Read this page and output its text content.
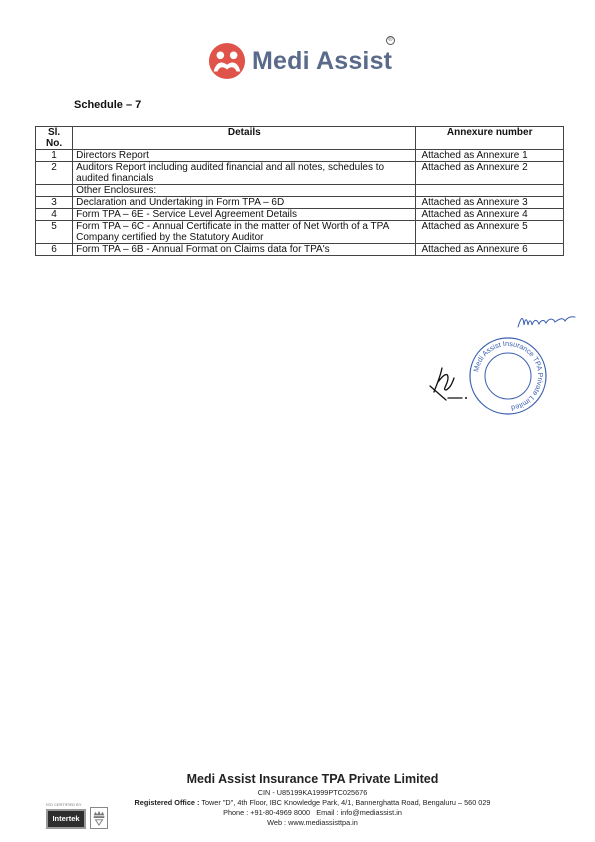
Medi Assist
®
Schedule – 7
Sl. No.	Details	Annexure number
1	Directors Report	Attached as Annexure 1
2	Auditors Report including audited financial and all notes, schedules to audited financials	Attached as Annexure 2
	Other Enclosures:	
3	Declaration and Undertaking in Form TPA – 6D	Attached as Annexure 3
4	Form TPA – 6E - Service Level Agreement Details	Attached as Annexure 4
5	Form TPA – 6C - Annual Certificate in the matter of Net Worth of a TPA Company certified by the Statutory Auditor	Attached as Annexure 5
6	Form TPA – 6B - Annual Format on Claims data for TPA's	Attached as Annexure 6
Medi Assist Insurance TPA Private Limited
Medi Assist Insurance TPA Private Limited
CIN - U85199KA1999PTC025676
Registered Office : Tower "D", 4th Floor, IBC Knowledge Park, 4/1, Bannerghatta Road, Bengaluru – 560 029
Phone : +91-80-4969 8000 Email : info@mediassist.in
Web : www.mediassisttpa.in
ISO CERTIFIED BY
Intertek
